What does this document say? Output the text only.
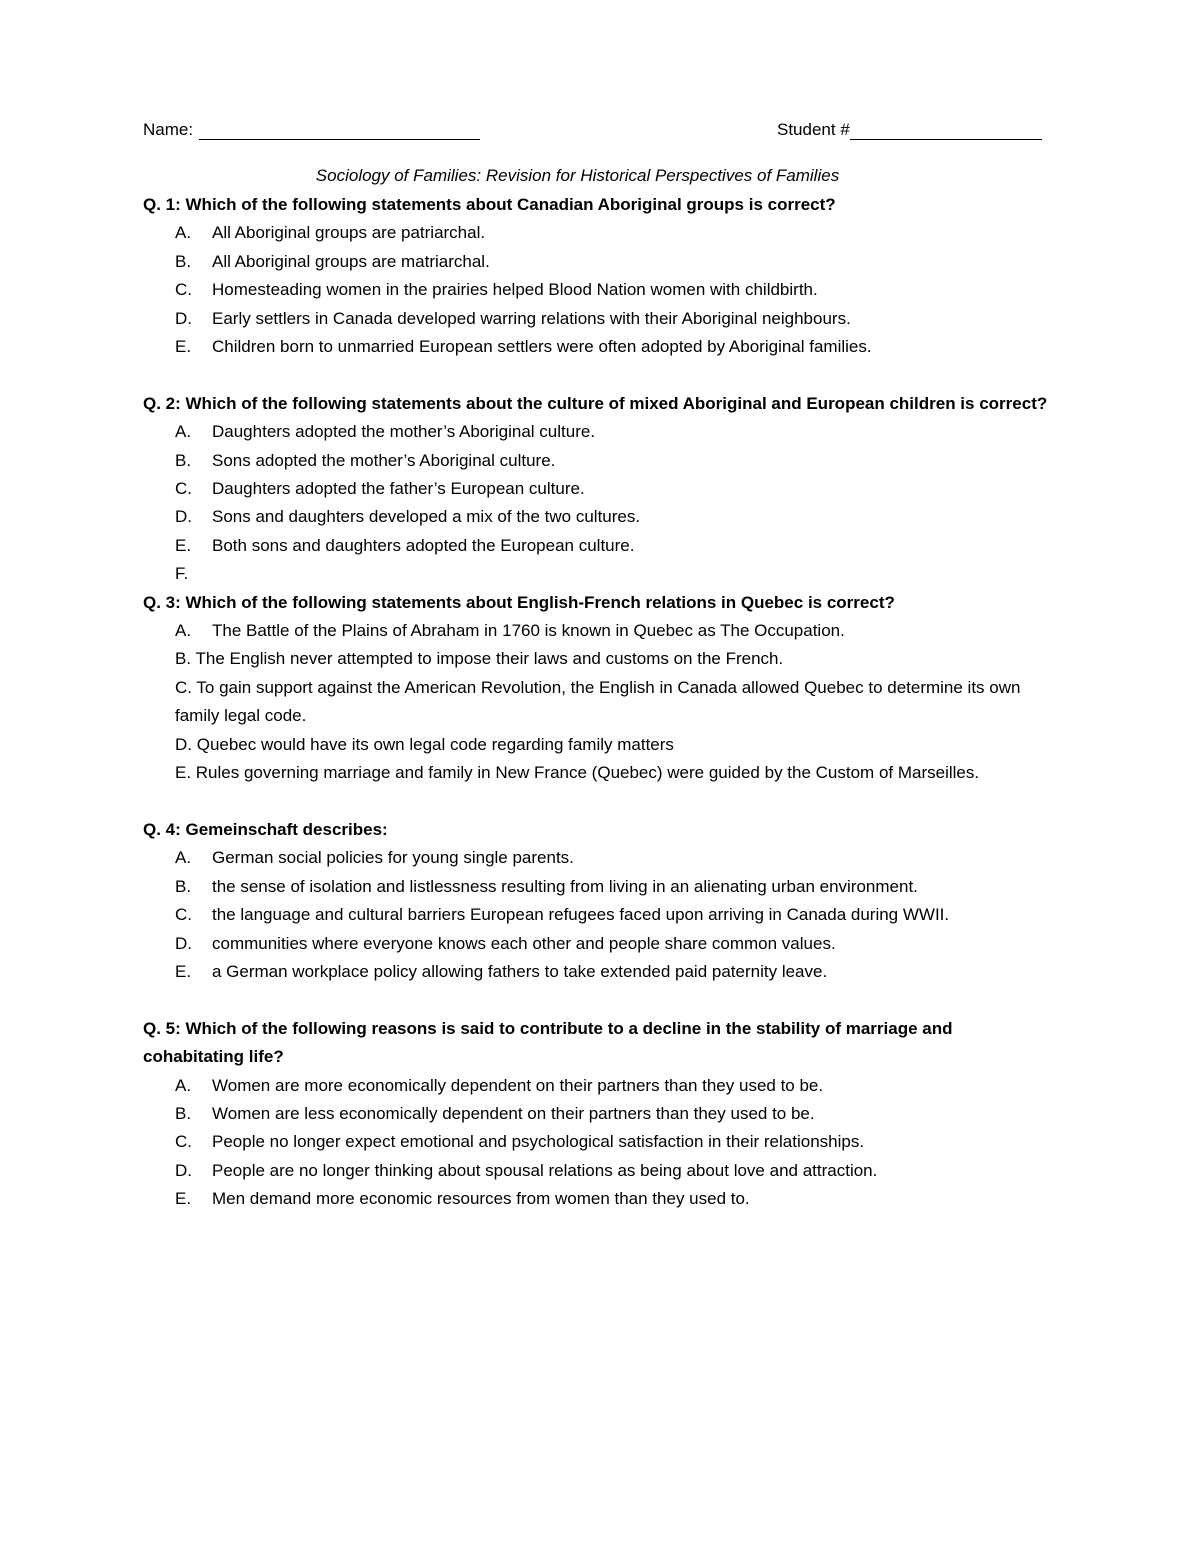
Name:	Student #
Sociology of Families: Revision for Historical Perspectives of Families
Q. 1: Which of the following statements about Canadian Aboriginal groups is correct?
A.	All Aboriginal groups are patriarchal.
B.	All Aboriginal groups are matriarchal.
C.	Homesteading women in the prairies helped Blood Nation women with childbirth.
D.	Early settlers in Canada developed warring relations with their Aboriginal neighbours.
E.	Children born to unmarried European settlers were often adopted by Aboriginal families.
Q. 2: Which of the following statements about the culture of mixed Aboriginal and European children is correct?
A.	Daughters adopted the mother’s Aboriginal culture.
B.	Sons adopted the mother’s Aboriginal culture.
C.	Daughters adopted the father’s European culture.
D.	Sons and daughters developed a mix of the two cultures.
E.	Both sons and daughters adopted the European culture.
F.
Q. 3: Which of the following statements about English-French relations in Quebec is correct?
A.	The Battle of the Plains of Abraham in 1760 is known in Quebec as The Occupation.
B. The English never attempted to impose their laws and customs on the French.
C. To gain support against the American Revolution, the English in Canada allowed Quebec to determine its own family legal code.
D. Quebec would have its own legal code regarding family matters
E. Rules governing marriage and family in New France (Quebec) were guided by the Custom of Marseilles.
Q. 4: Gemeinschaft describes:
A.	German social policies for young single parents.
B.	the sense of isolation and listlessness resulting from living in an alienating urban environment.
C.	the language and cultural barriers European refugees faced upon arriving in Canada during WWII.
D.	communities where everyone knows each other and people share common values.
E.	a German workplace policy allowing fathers to take extended paid paternity leave.
Q. 5: Which of the following reasons is said to contribute to a decline in the stability of marriage and cohabitating life?
A.	Women are more economically dependent on their partners than they used to be.
B.	Women are less economically dependent on their partners than they used to be.
C.	People no longer expect emotional and psychological satisfaction in their relationships.
D.	People are no longer thinking about spousal relations as being about love and attraction.
E.	Men demand more economic resources from women than they used to.
